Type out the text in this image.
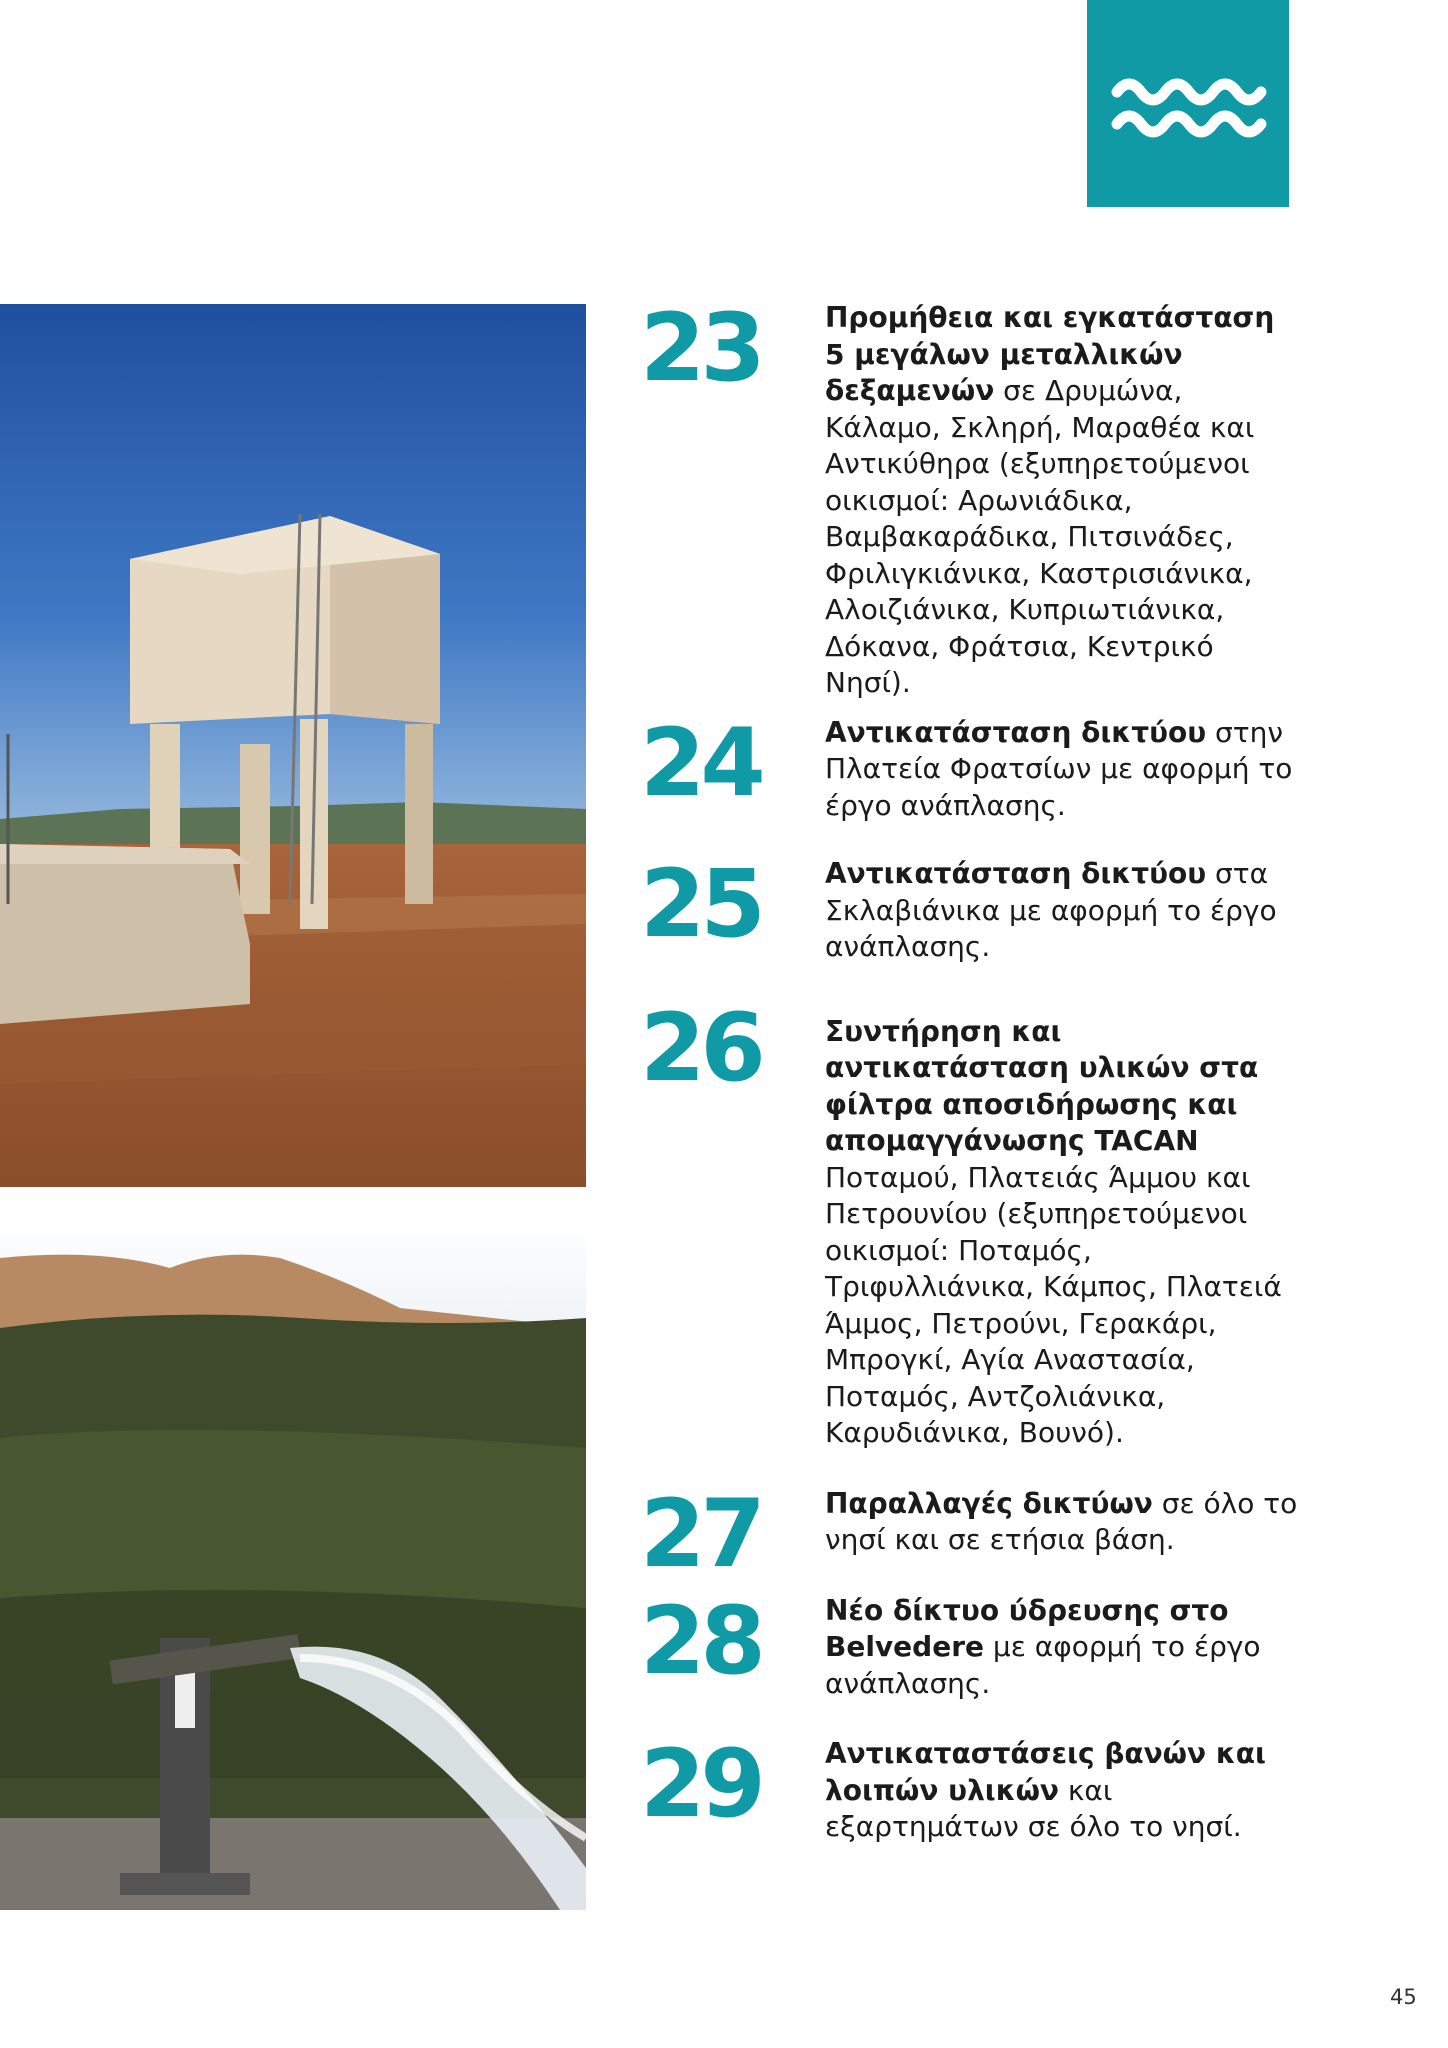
23	Προμήθεια και εγκατάσταση 5 μεγάλων μεταλλικών δεξαμενών σε Δρυμώνα, Κάλαμο, Σκληρή, Μαραθέα και Αντικύθηρα (εξυπηρετούμενοι οικισμοί: Αρωνιάδικα, Βαμβακαράδικα, Πιτσινάδες, Φριλιγκιάνικα, Καστρισιάνικα, Αλοιζιάνικα, Κυπριωτιάνικα, Δόκανα, Φράτσια, Κεντρικό Νησί).
24	Αντικατάσταση δικτύου στην Πλατεία Φρατσίων με αφορμή το έργο ανάπλασης.
25	Αντικατάσταση δικτύου στα Σκλαβιάνικα με αφορμή το έργο ανάπλασης.
26	Συντήρηση και αντικατάσταση υλικών στα φίλτρα αποσιδήρωσης και απομαγγάνωσης TACAN Ποταμού, Πλατειάς Άμμου και Πετρουνίου (εξυπηρετούμενοι οικισμοί: Ποταμός, Τριφυλλιάνικα, Κάμπος, Πλατειά Άμμος, Πετρούνι, Γερακάρι, Μπρογκί, Αγία Αναστασία, Ποταμός, Αντζολιάνικα, Καρυδιάνικα, Βουνό).
27	Παραλλαγές δικτύων σε όλο το νησί και σε ετήσια βάση.
28	Νέο δίκτυο ύδρευσης στο Belvedere με αφορμή το έργο ανάπλασης.
29	Αντικαταστάσεις βανών και λοιπών υλικών και εξαρτημάτων σε όλο το νησί.
45
